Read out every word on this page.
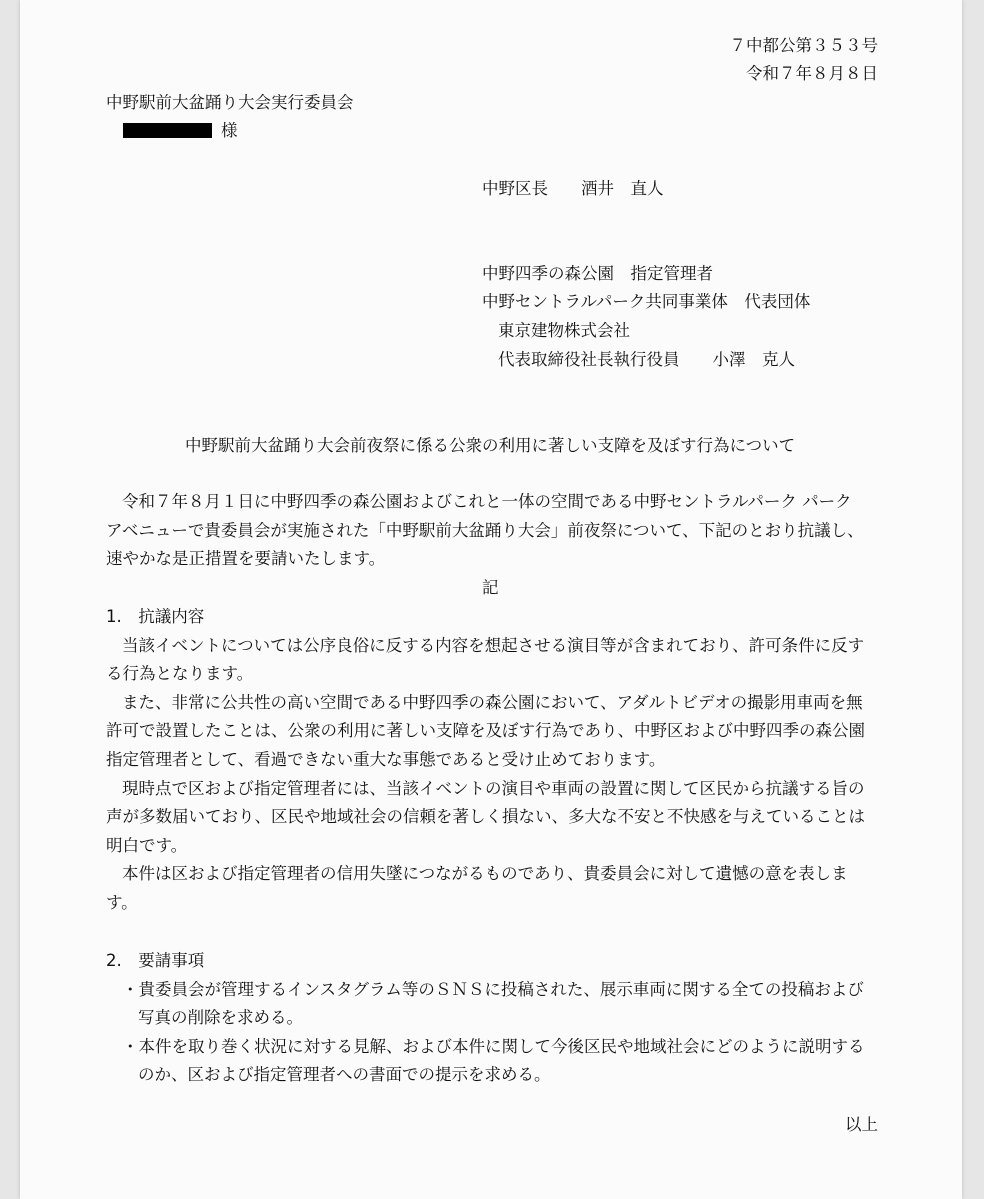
７中都公第３５３号

令和７年８月８日

中野駅前大盆踊り大会実行委員会

様

中野区長　　酒井　直人

中野四季の森公園　指定管理者

中野セントラルパーク共同事業体　代表団体

東京建物株式会社

代表取締役社長執行役員　　小澤　克人

中野駅前大盆踊り大会前夜祭に係る公衆の利用に著しい支障を及ぼす行為について

令和７年８月１日に中野四季の森公園およびこれと一体の空間である中野セントラルパーク パーク

アベニューで貴委員会が実施された「中野駅前大盆踊り大会」前夜祭について、下記のとおり抗議し、

速やかな是正措置を要請いたします。

記

1.　抗議内容

当該イベントについては公序良俗に反する内容を想起させる演目等が含まれており、許可条件に反す

る行為となります。

また、非常に公共性の高い空間である中野四季の森公園において、アダルトビデオの撮影用車両を無

許可で設置したことは、公衆の利用に著しい支障を及ぼす行為であり、中野区および中野四季の森公園

指定管理者として、看過できない重大な事態であると受け止めております。

現時点で区および指定管理者には、当該イベントの演目や車両の設置に関して区民から抗議する旨の

声が多数届いており、区民や地域社会の信頼を著しく損ない、多大な不安と不快感を与えていることは

明白です。

本件は区および指定管理者の信用失墜につながるものであり、貴委員会に対して遺憾の意を表しま

す。

2.　要請事項

・貴委員会が管理するインスタグラム等のＳＮＳに投稿された、展示車両に関する全ての投稿および

写真の削除を求める。

・本件を取り巻く状況に対する見解、および本件に関して今後区民や地域社会にどのように説明する

のか、区および指定管理者への書面での提示を求める。

以上
